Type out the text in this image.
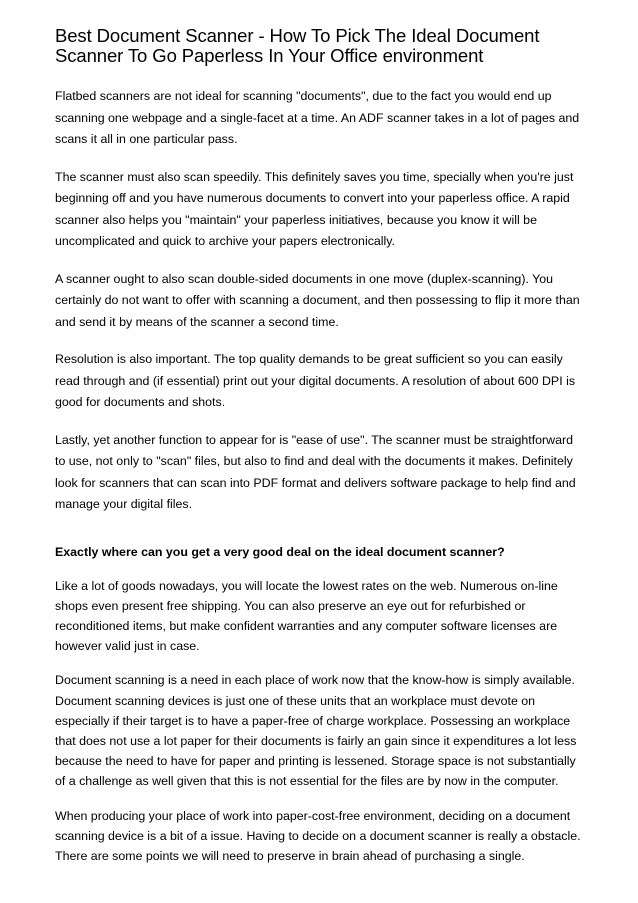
Best Document Scanner - How To Pick The Ideal Document
Scanner To Go Paperless In Your Office environment

Flatbed scanners are not ideal for scanning "documents", due to the fact you would end up scanning one webpage and a single-facet at a time. An ADF scanner takes in a lot of pages and scans it all in one particular pass.

The scanner must also scan speedily. This definitely saves you time, specially when you're just beginning off and you have numerous documents to convert into your paperless office. A rapid scanner also helps you "maintain" your paperless initiatives, because you know it will be uncomplicated and quick to archive your papers electronically.

A scanner ought to also scan double-sided documents in one move (duplex-scanning). You certainly do not want to offer with scanning a document, and then possessing to flip it more than and send it by means of the scanner a second time.

Resolution is also important. The top quality demands to be great sufficient so you can easily read through and (if essential) print out your digital documents. A resolution of about 600 DPI is good for documents and shots.

Lastly, yet another function to appear for is "ease of use". The scanner must be straightforward to use, not only to "scan" files, but also to find and deal with the documents it makes. Definitely look for scanners that can scan into PDF format and delivers software package to help find and manage your digital files.

Exactly where can you get a very good deal on the ideal document scanner?

Like a lot of goods nowadays, you will locate the lowest rates on the web. Numerous on-line shops even present free shipping. You can also preserve an eye out for refurbished or reconditioned items, but make confident warranties and any computer software licenses are however valid just in case.

Document scanning is a need in each place of work now that the know-how is simply available. Document scanning devices is just one of these units that an workplace must devote on especially if their target is to have a paper-free of charge workplace. Possessing an workplace that does not use a lot paper for their documents is fairly an gain since it expenditures a lot less because the need to have for paper and printing is lessened. Storage space is not substantially of a challenge as well given that this is not essential for the files are by now in the computer.

When producing your place of work into paper-cost-free environment, deciding on a document scanning device is a bit of a issue. Having to decide on a document scanner is really a obstacle. There are some points we will need to preserve in brain ahead of purchasing a single.
